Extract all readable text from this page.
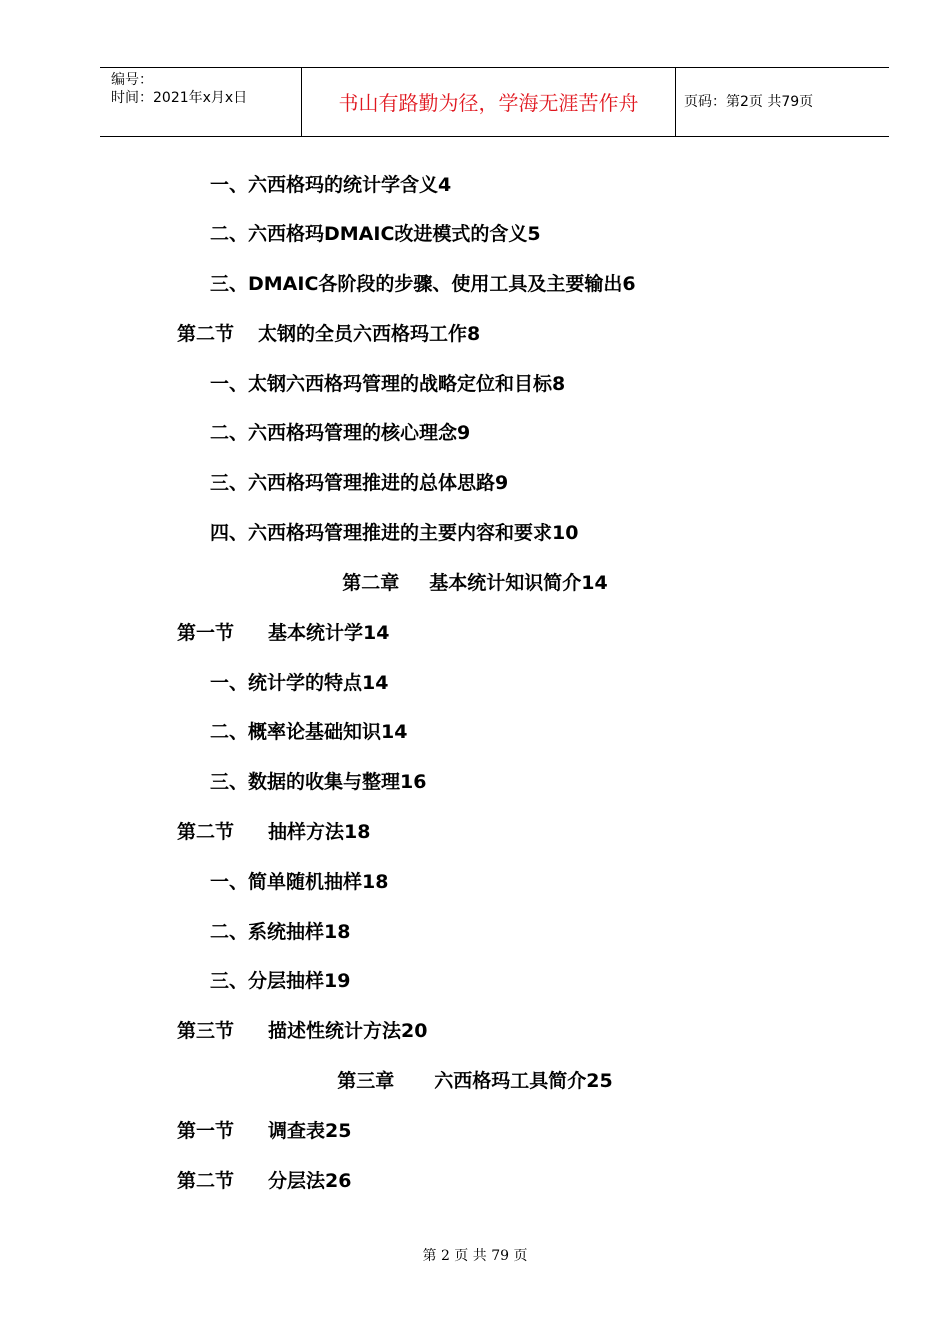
编号：
时间：2021年x月x日	书山有路勤为径，学海无涯苦作舟	页码：第2页 共79页
一、六西格玛的统计学含义4
二、六西格玛DMAIC改进模式的含义5
三、DMAIC各阶段的步骤、使用工具及主要输出6
第二节 太钢的全员六西格玛工作8
一、太钢六西格玛管理的战略定位和目标8
二、六西格玛管理的核心理念9
三、六西格玛管理推进的总体思路9
四、六西格玛管理推进的主要内容和要求10
第二章 基本统计知识简介14
第一节 基本统计学14
一、统计学的特点14
二、概率论基础知识14
三、数据的收集与整理16
第二节 抽样方法18
一、简单随机抽样18
二、系统抽样18
三、分层抽样19
第三节 描述性统计方法20
第三章 六西格玛工具简介25
第一节 调查表25
第二节 分层法26
第 2 页 共 79 页
